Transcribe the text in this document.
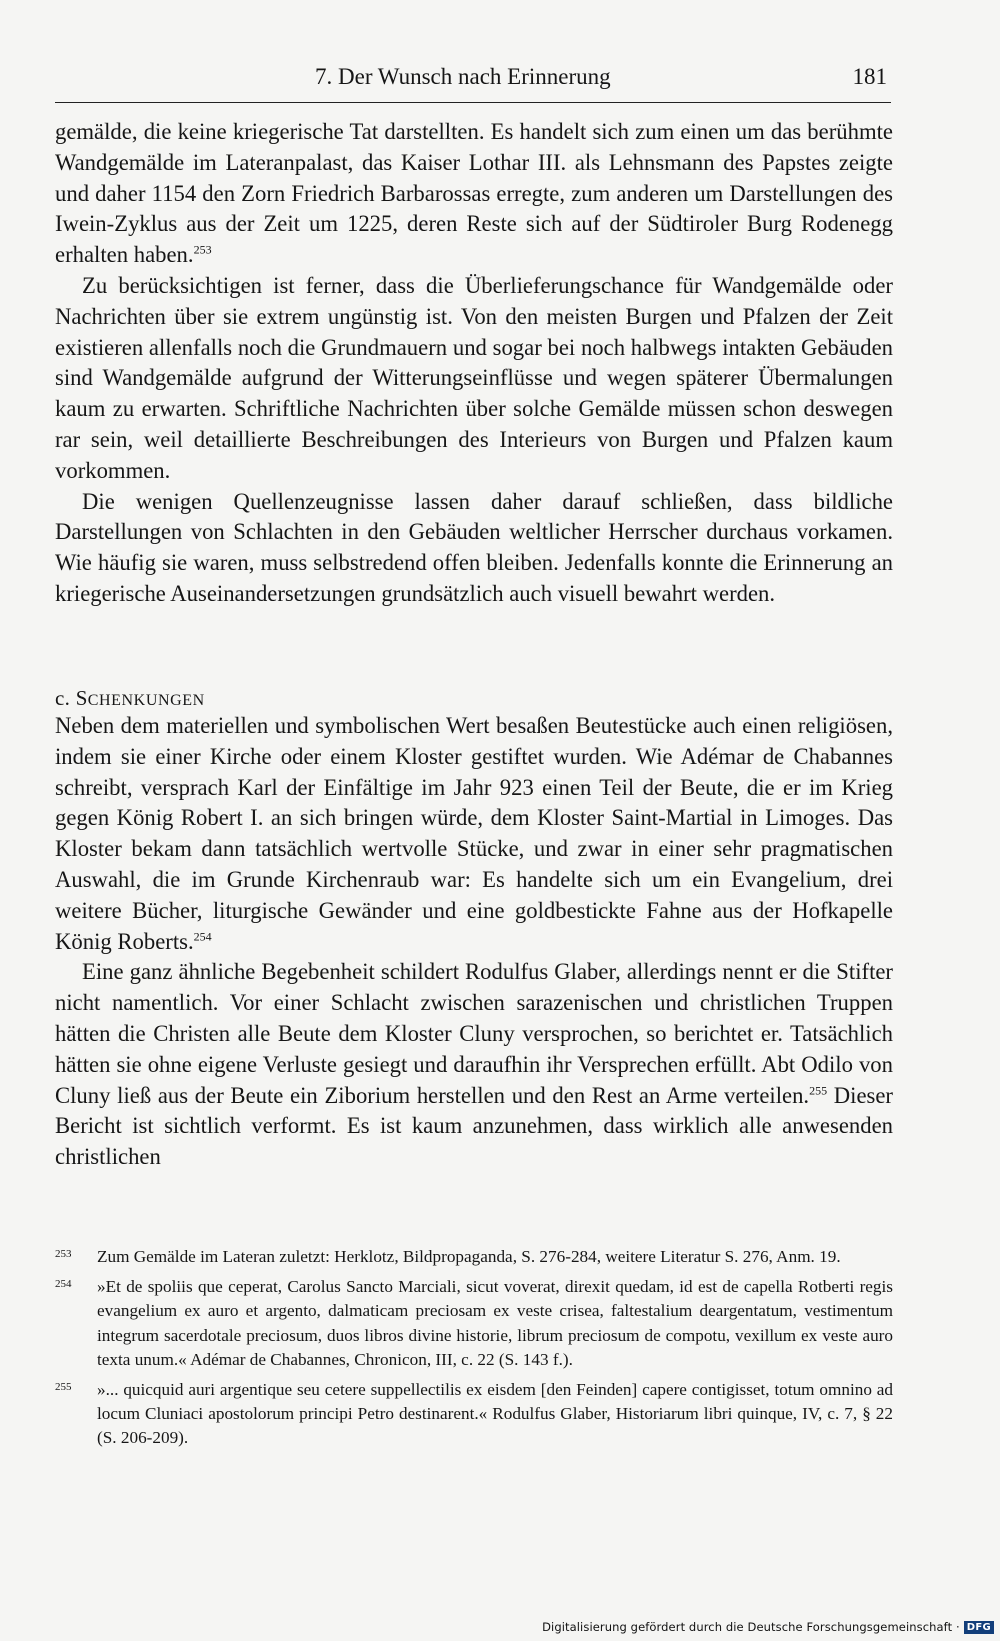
7. Der Wunsch nach Erinnerung	181

gemälde, die keine kriegerische Tat darstellten. Es handelt sich zum einen um das berühmte Wandgemälde im Lateranpalast, das Kaiser Lothar III. als Lehnsmann des Papstes zeigte und daher 1154 den Zorn Friedrich Barbarossas erregte, zum anderen um Darstellungen des Iwein-Zyklus aus der Zeit um 1225, deren Reste sich auf der Südtiroler Burg Rodenegg erhalten haben.$^{253}$

Zu berücksichtigen ist ferner, dass die Überlieferungschance für Wandgemälde oder Nachrichten über sie extrem ungünstig ist. Von den meisten Burgen und Pfalzen der Zeit existieren allenfalls noch die Grundmauern und sogar bei noch halbwegs intakten Gebäuden sind Wandgemälde aufgrund der Witterungseinflüsse und wegen späterer Übermalungen kaum zu erwarten. Schriftliche Nachrichten über solche Gemälde müssen schon deswegen rar sein, weil detaillierte Beschreibungen des Interieurs von Burgen und Pfalzen kaum vorkommen.

Die wenigen Quellenzeugnisse lassen daher darauf schließen, dass bildliche Darstellungen von Schlachten in den Gebäuden weltlicher Herrscher durchaus vorkamen. Wie häufig sie waren, muss selbstredend offen bleiben. Jedenfalls konnte die Erinnerung an kriegerische Auseinandersetzungen grundsätzlich auch visuell bewahrt werden.

c. SCHENKUNGEN

Neben dem materiellen und symbolischen Wert besaßen Beutestücke auch einen religiösen, indem sie einer Kirche oder einem Kloster gestiftet wurden. Wie Adémar de Chabannes schreibt, versprach Karl der Einfältige im Jahr 923 einen Teil der Beute, die er im Krieg gegen König Robert I. an sich bringen würde, dem Kloster Saint-Martial in Limoges. Das Kloster bekam dann tatsächlich wertvolle Stücke, und zwar in einer sehr pragmatischen Auswahl, die im Grunde Kirchenraub war: Es handelte sich um ein Evangelium, drei weitere Bücher, liturgische Gewänder und eine goldbestickte Fahne aus der Hofkapelle König Roberts.$^{254}$

Eine ganz ähnliche Begebenheit schildert Rodulfus Glaber, allerdings nennt er die Stifter nicht namentlich. Vor einer Schlacht zwischen sarazenischen und christlichen Truppen hätten die Christen alle Beute dem Kloster Cluny versprochen, so berichtet er. Tatsächlich hätten sie ohne eigene Verluste gesiegt und daraufhin ihr Versprechen erfüllt. Abt Odilo von Cluny ließ aus der Beute ein Ziborium herstellen und den Rest an Arme verteilen.$^{255}$ Dieser Bericht ist sichtlich verformt. Es ist kaum anzunehmen, dass wirklich alle anwesenden christlichen

253 Zum Gemälde im Lateran zuletzt: Herklotz, Bildpropaganda, S. 276-284, weitere Literatur S. 276, Anm. 19.
254 »Et de spoliis que ceperat, Carolus Sancto Marciali, sicut voverat, direxit quedam, id est de capella Rotberti regis evangelium ex auro et argento, dalmaticam preciosam ex veste crisea, faltestalium deargentatum, vestimentum integrum sacerdotale preciosum, duos libros divine historie, librum preciosum de compotu, vexillum ex veste auro texta unum.« Adémar de Chabannes, Chronicon, III, c. 22 (S. 143 f.).
255 »... quicquid auri argentique seu cetere suppellectilis ex eisdem [den Feinden] capere contigisset, totum omnino ad locum Cluniaci apostolorum principi Petro destinarent.« Rodulfus Glaber, Historiarum libri quinque, IV, c. 7, § 22 (S. 206-209).
Digitalisierung gefördert durch die Deutsche Forschungsgemeinschaft · DFG
